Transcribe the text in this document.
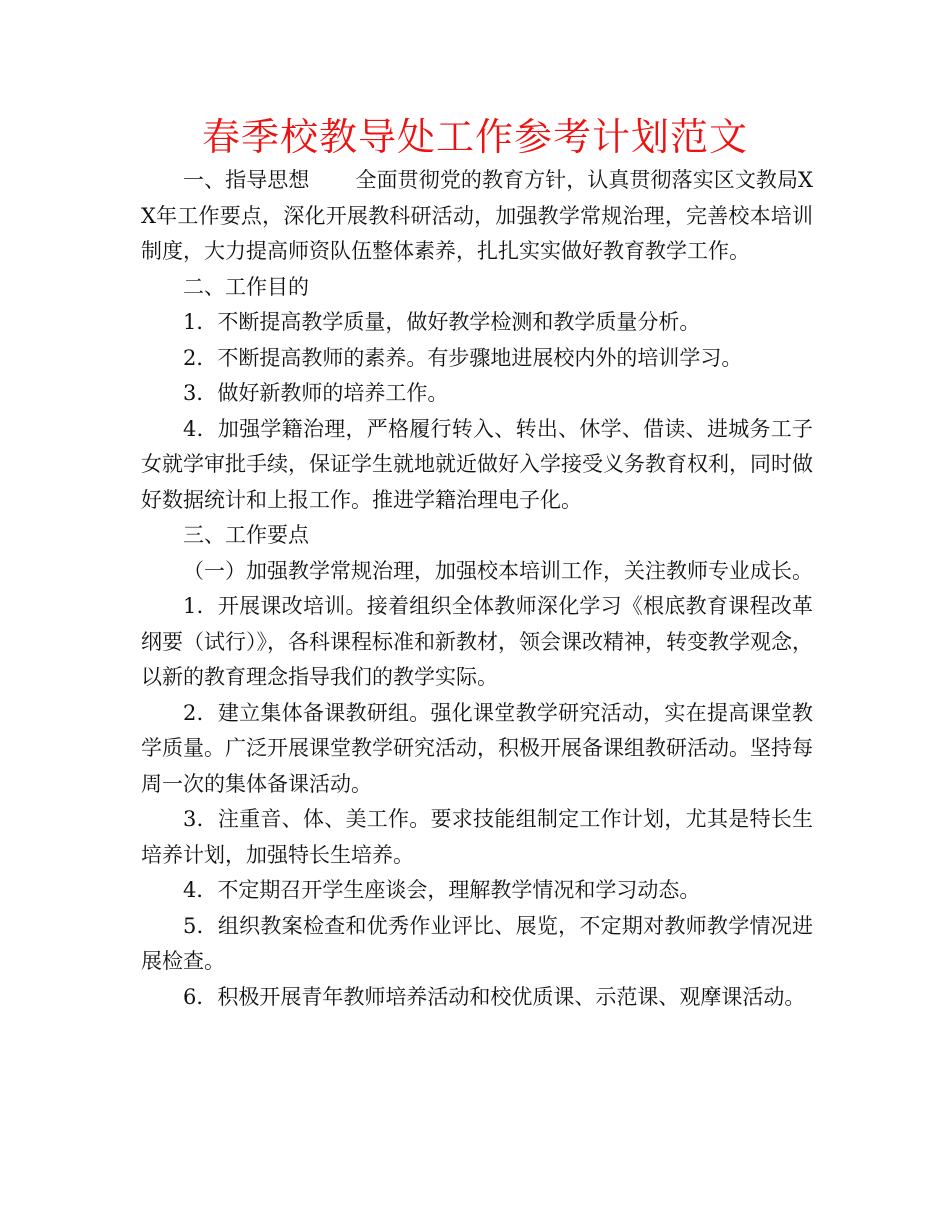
春季校教导处工作参考计划范文

一、指导思想 全面贯彻党的教育方针，认真贯彻落实区文教局XX年工作要点，深化开展教科研活动，加强教学常规治理，完善校本培训制度，大力提高师资队伍整体素养，扎扎实实做好教育教学工作。

二、工作目的

1．不断提高教学质量，做好教学检测和教学质量分析。

2．不断提高教师的素养。有步骤地进展校内外的培训学习。

3．做好新教师的培养工作。

4．加强学籍治理，严格履行转入、转出、休学、借读、进城务工子女就学审批手续，保证学生就地就近做好入学接受义务教育权利，同时做好数据统计和上报工作。推进学籍治理电子化。

三、工作要点

（一）加强教学常规治理，加强校本培训工作，关注教师专业成长。

1．开展课改培训。接着组织全体教师深化学习《根底教育课程改革纲要（试行）》，各科课程标准和新教材，领会课改精神，转变教学观念，以新的教育理念指导我们的教学实际。

2．建立集体备课教研组。强化课堂教学研究活动，实在提高课堂教学质量。广泛开展课堂教学研究活动，积极开展备课组教研活动。坚持每周一次的集体备课活动。

3．注重音、体、美工作。要求技能组制定工作计划，尤其是特长生培养计划，加强特长生培养。

4．不定期召开学生座谈会，理解教学情况和学习动态。

5．组织教案检查和优秀作业评比、展览，不定期对教师教学情况进展检查。

6．积极开展青年教师培养活动和校优质课、示范课、观摩课活动。
